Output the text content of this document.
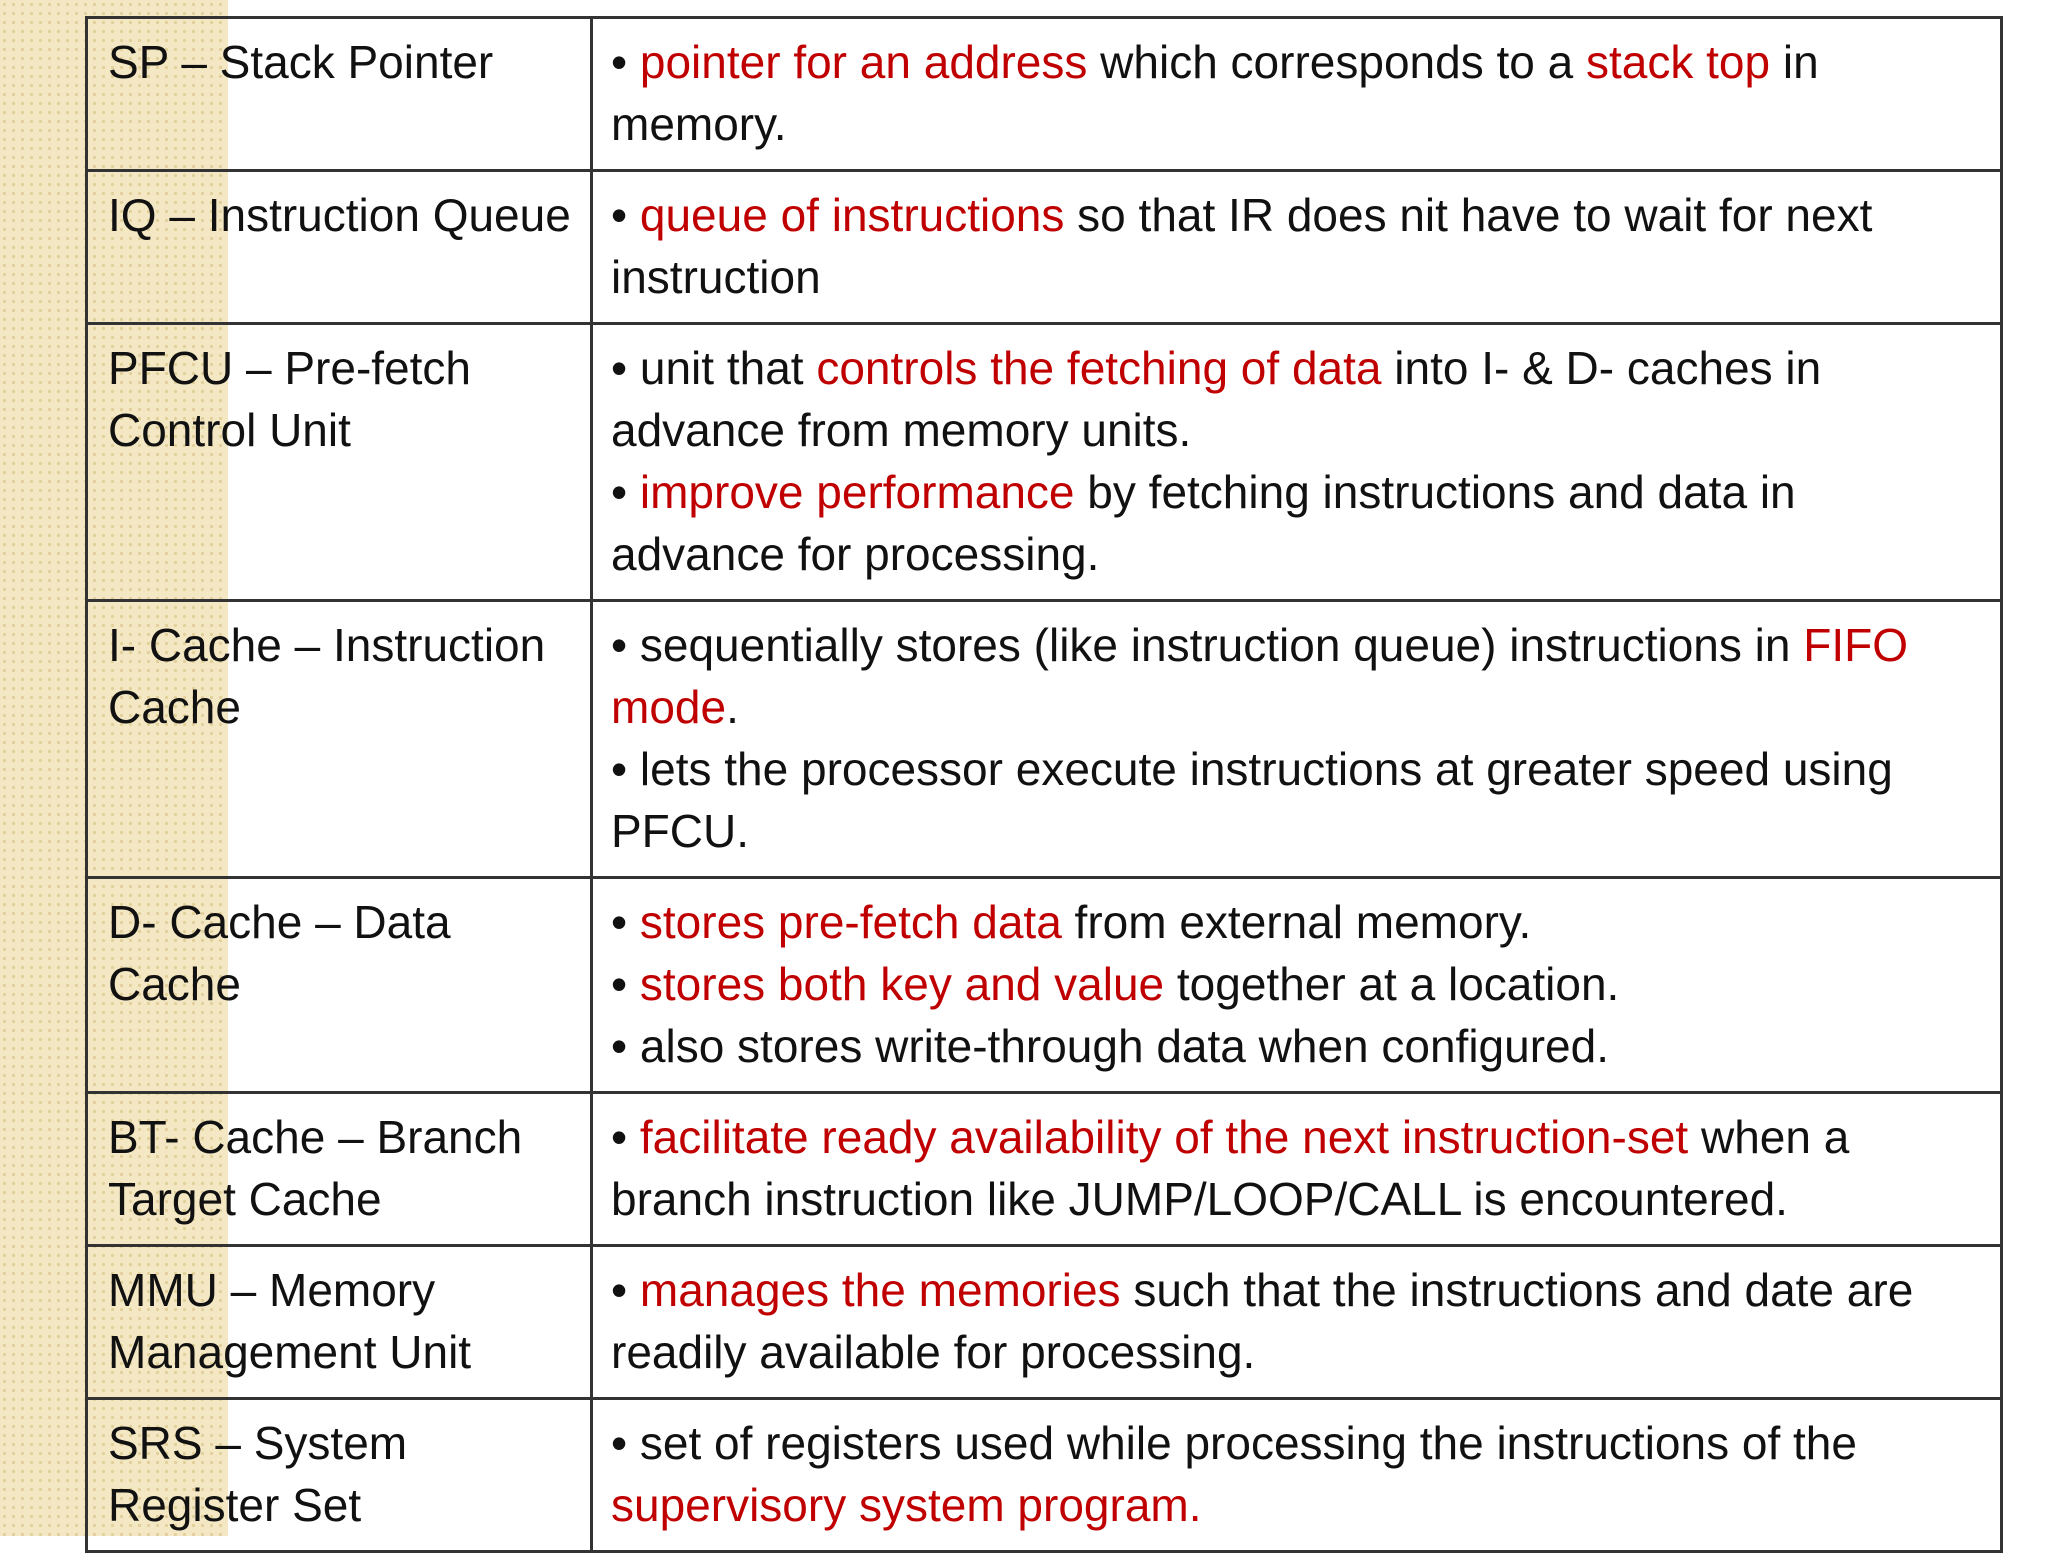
SP – Stack Pointer	• pointer for an address which corresponds to a stack top in memory.

IQ – Instruction Queue	• queue of instructions so that IR does nit have to wait for next instruction

PFCU – Pre-fetch Control Unit	• unit that controls the fetching of data into I- & D- caches in advance from memory units.
• improve performance by fetching instructions and data in advance for processing.

I- Cache – Instruction Cache	• sequentially stores (like instruction queue) instructions in FIFO mode.
• lets the processor execute instructions at greater speed using PFCU.

D- Cache – Data Cache	• stores pre-fetch data from external memory.
• stores both key and value together at a location.
• also stores write-through data when configured.

BT- Cache – Branch Target Cache	• facilitate ready availability of the next instruction-set when a branch instruction like JUMP/LOOP/CALL is encountered.

MMU – Memory Management Unit	• manages the memories such that the instructions and date are readily available for processing.

SRS – System Register Set	• set of registers used while processing the instructions of the supervisory system program.
